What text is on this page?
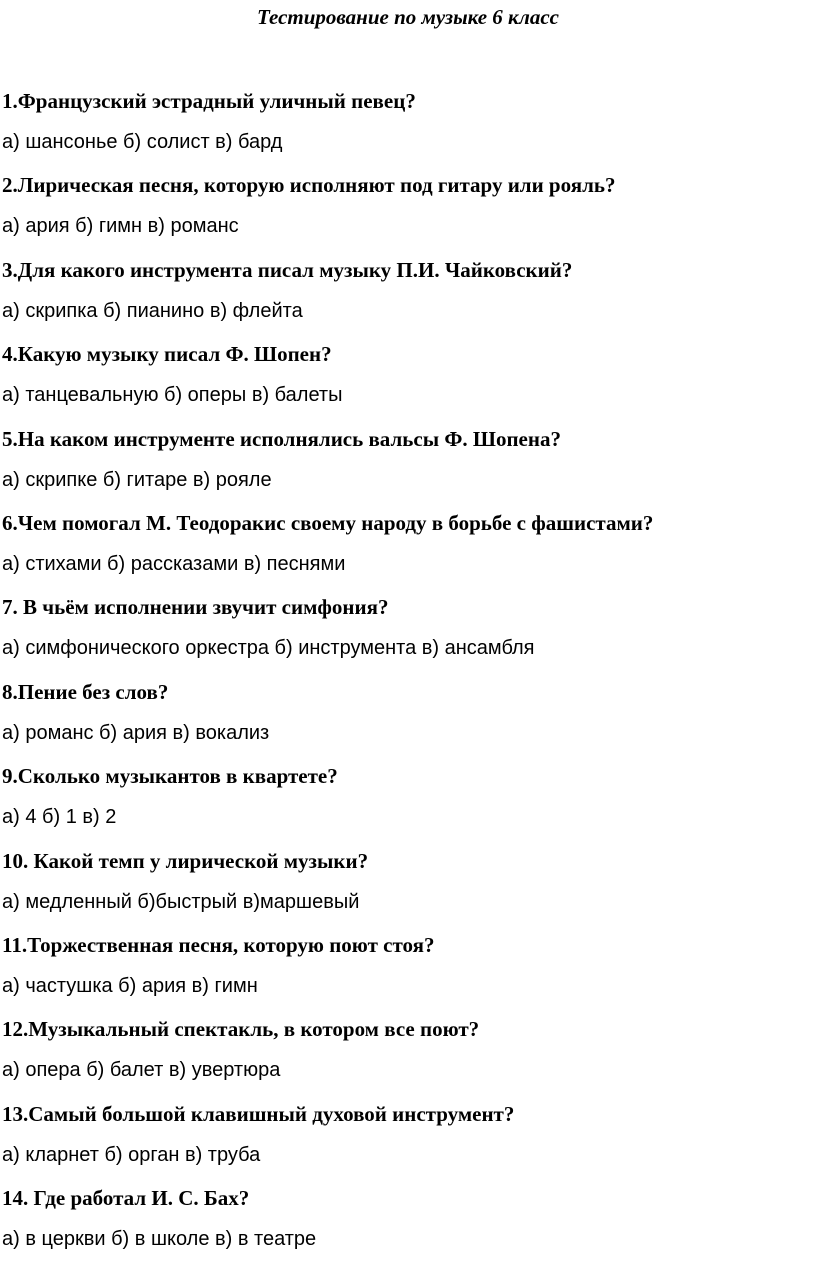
Тестирование по музыке 6 класс
1.Французский эстрадный уличный певец?
а) шансонье б) солист в) бард
2.Лирическая песня, которую исполняют под гитару или рояль?
а) ария б) гимн в) романс
3.Для какого инструмента писал музыку П.И. Чайковский?
а) скрипка б) пианино в) флейта
4.Какую музыку писал Ф. Шопен?
а) танцевальную б) оперы в) балеты
5.На каком инструменте исполнялись вальсы Ф. Шопена?
а) скрипке б) гитаре в) рояле
6.Чем помогал М. Теодоракис своему народу в борьбе с фашистами?
а) стихами б) рассказами в) песнями
7. В чьём исполнении звучит симфония?
а) симфонического оркестра б) инструмента в) ансамбля
8.Пение без слов?
а) романс б) ария в) вокализ
9.Сколько музыкантов в квартете?
а) 4 б) 1 в) 2
10. Какой темп у лирической музыки?
а) медленный б)быстрый в)маршевый
11.Торжественная песня, которую поют стоя?
а) частушка б) ария в) гимн
12.Музыкальный спектакль, в котором все поют?
а) опера б) балет в) увертюра
13.Самый большой клавишный духовой инструмент?
а) кларнет б) орган в) труба
14. Где работал И. С. Бах?
а) в церкви б) в школе в) в театре
